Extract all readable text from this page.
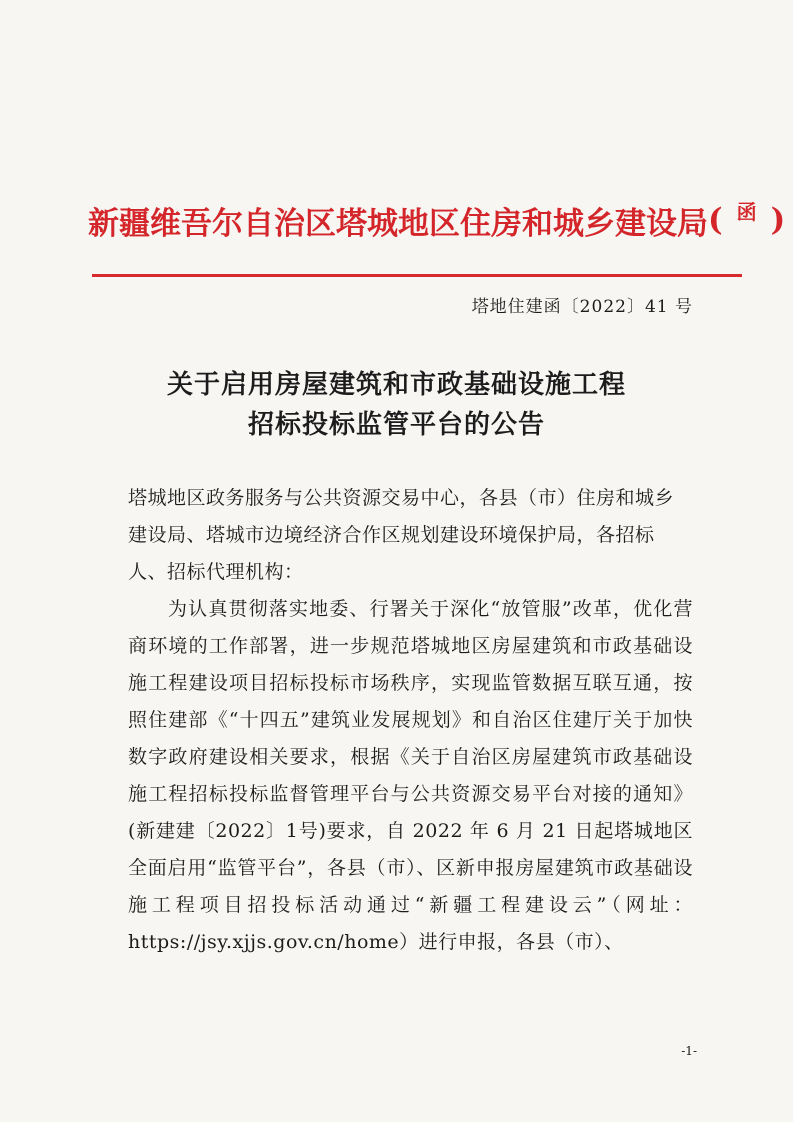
新疆维吾尔自治区塔城地区住房和城乡建设局 ( 函 )
塔地住建函〔2022〕41 号
关于启用房屋建筑和市政基础设施工程
招标投标监管平台的公告
塔城地区政务服务与公共资源交易中心，各县（市）住房和城乡建设局、塔城市边境经济合作区规划建设环境保护局，各招标人、招标代理机构：
为认真贯彻落实地委、行署关于深化“放管服”改革，优化营商环境的工作部署，进一步规范塔城地区房屋建筑和市政基础设施工程建设项目招标投标市场秩序，实现监管数据互联互通，按照住建部《“十四五”建筑业发展规划》和自治区住建厅关于加快数字政府建设相关要求，根据《关于自治区房屋建筑市政基础设施工程招标投标监督管理平台与公共资源交易平台对接的通知》(新建建〔2022〕1号)要求，自 2022 年 6 月 21 日起塔城地区全面启用“监管平台”，各县（市）、区新申报房屋建筑市政基础设施工程项目招投标活动通过“新疆工程建设云”（网址：https://jsy.xjjs.gov.cn/home）进行申报，各县（市）、
-1-
